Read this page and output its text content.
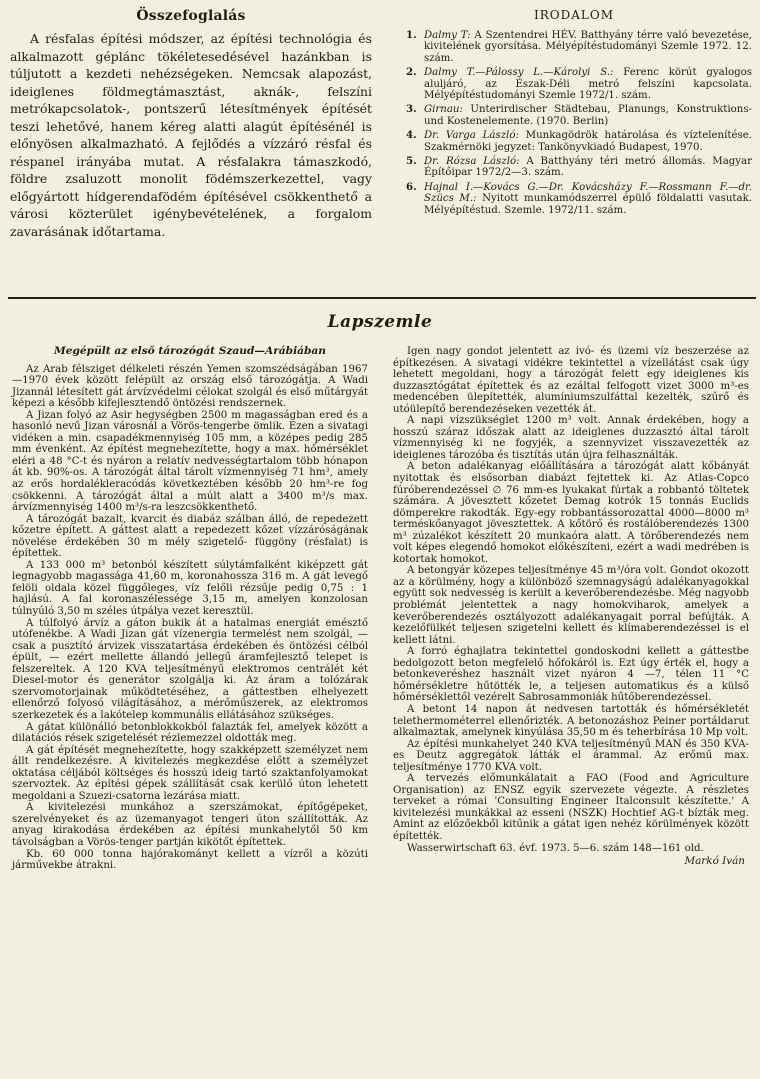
Összefoglalás

A résfalas építési módszer, az építési technológia és alkalmazott géplánc tökéletesedésével hazánkban is túljutott a kezdeti nehézségeken. Nemcsak alapozást, ideiglenes földmegtámasztást, aknák-, felszíni metrókapcsolatok-, pontszerű létesítmények építését teszi lehetővé, hanem kéreg alatti alagút építésénél is előnyösen alkalmazható. A fejlődés a vízzáró résfal és réspanel irányába mutat. A résfalakra támaszkodó, földre zsaluzott monolit födémszerkezettel, vagy előgyártott hídgerendafödém építésével csökkenthető a városi közterület igénybevételének, a forgalom zavarásának időtartama.

IRODALOM
1. Dalmy T: A Szentendrei HÉV. Batthyány térre való bevezetése, kivitelének gyorsítása. Mélyépítéstudományi Szemle 1972. 12. szám.
2. Dalmy T.—Pálossy L.—Károlyi S.: Ferenc körút gyalogos aluljáró, az Észak-Déli metró felszíni kapcsolata. Mélyépítéstudományi Szemle 1972/1. szám.
3. Girnau: Unterirdischer Städtebau, Planungs, Konstruktions- und Kostenelemente. (1970. Berlin)
4. Dr. Varga László: Munkagödrök határolása és víztelenítése. Szakmérnöki jegyzet: Tankönyvkiadó Budapest, 1970.
5. Dr. Rózsa László: A Batthyány téri metró állomás. Magyar Építőipar 1972/2—3. szám.
6. Hajnal I.—Kovács G.—Dr. Kovácsházy F.—Rossmann F.—dr. Szücs M.: Nyitott munkamódszerrel épülő földalatti vasutak. Mélyépítéstud. Szemle. 1972/11. szám.
Lapszemle
Megépült az első tározógát Szaud—Arábiában

Az Arab félsziget délkeleti részén Yemen szomszédságában 1967—1970 évek között felépült az ország első tározógátja. A Wadi Jizannál létesített gát árvízvédelmi célokat szolgál és első műtárgyát képezi a később kifejlesztendő öntözési rendszernek.

A Jizan folyó az Asir hegységben 2500 m magasságban ered és a hasonló nevű Jizan városnál a Vörös-tengerbe ömlik. Ezen a sivatagi vidéken a min. csapadékmennyiség 105 mm, a középes pedig 285 mm évenként. Az építést megnehezítette, hogy a max. hőmérséklet eléri a 48 °C-t és nyáron a relatív nedvességtartalom több hónapon át kb. 90%-os. A tározógát által tárolt vízmennyiség 71 hm³, amely az erős hordalékleracódás következtében később 20 hm³-re fog csökkenni. A tározógát által a múlt alatt a 3400 m³/s max. árvízmennyiség 1400 m³/s-ra leszcsökkenthető.

A tározógát bazalt, kvarcit és diabáz szálban álló, de repedezett kőzetre épített. A gáttest alatt a repedezett kőzet vízzáróságának növelése érdekében 30 m mély szigetelő- függöny (résfalat) is építettek.

A 133 000 m³ betonból készített súlytámfalként kiképzett gát legnagyobb magassága 41,60 m, koronahossza 316 m. A gát levegő felöli oldala közel függőleges, víz felőli rézsűje pedig 0,75 : 1 hajlású. A fal koronaszélessége 3,15 m, amelyen konzolosan túlnyúló 3,50 m széles útpálya vezet keresztül.

A túlfolyó árvíz a gáton bukik át a hatalmas energiát emésztő utófenékbe. A Wadi Jizan gát vízenergia termelést nem szolgál, — csak a pusztító árvizek visszatartása érdekében és öntözési célból épült, — ezért mellette állandó jellegű áramfejlesztő telepet is felszereltek. A 120 KVA teljesítményű elektromos centrálét két Diesel-motor és generátor szolgálja ki. Az áram a tolózárak szervomotorjainak működtetéséhez, a gáttestben elhelyezett ellenőrző folyosó világításához, a mérőműszerek, az elektromos szerkezetek és a lakótelep kommunális ellátásához szükséges.

A gátat különálló betonblokkokból falazták fel, amelyek között a dilatációs rések szigetelését rézlemezzel oldották meg.

A gát építését megnehezítette, hogy szakképzett személyzet nem állt rendelkezésre. A kivitelezés megkezdése előtt a személyzet oktatása céljából költséges és hosszú ideig tartó szaktanfolyamokat szervoztek. Az építési gépek szállítását csak kerülő úton lehetett megoldani a Szuezi-csatorna lezárása miatt.

A kivitelezési munkához a szerszámokat, építőgépeket, szerelvényeket és az üzemanyagot tengeri úton szállították. Az anyag kirakodása érdekében az építési munkahelytől 50 km távolságban a Vörös-tenger partján kikötőt építettek.

Kb. 60 000 tonna hajórakományt kellett a vízről a közúti járművekbe átrakni.

Igen nagy gondot jelentett az ivó- és üzemi víz beszerzése az építkezésen. A sivatagi vidékre tekintettel a vízellátást csak úgy lehetett megoldani, hogy a tározógát felett egy ideiglenes kis duzzasztógátat építettek és az ezáltal felfogott vizet 3000 m³-es medencében ülepítették, alumíniumszulfáttal kezelték, szűrő és utóülepítő berendezéseken vezették át.

A napi vízszükséglet 1200 m³ volt. Annak érdekében, hogy a hosszú száraz időszak alatt az ideiglenes duzzasztó által tárolt vízmennyiség ki ne fogyjék, a szennyvizet visszavezették az ideiglenes tározóba és tisztítás után újra felhasználták.

A beton adalékanyag előállítására a tározógát alatt kőbányát nyitottak és elsősorban diabázt fejtettek ki. Az Atlas-Copco fúróberendezéssel ∅ 76 mm-es lyukakat fúrtak a robbantó töltetek számára. A jövesztett kőzetet Demag kotrók 15 tonnás Euclids dömperekre rakodták. Egy-egy robbantássorozattal 4000—8000 m³ terméskőanyagot jövesztettek. A kőtörő és rostálóberendezés 1300 m³ zúzalékot készített 20 munkaóra alatt. A törőberendezés nem volt képes elegendő homokot előkészíteni, ezért a wadi medrében is kotortak homokot.

A betongyár közepes teljesítménye 45 m³/óra volt. Gondot okozott az a körülmény, hogy a különböző szemnagyságú adalékanyagokkal együtt sok nedvesség is került a keverőberendezésbe. Még nagyobb problémát jelentettek a nagy homokviharok, amelyek a keverőberendezés osztályozott adalékanyagait porral befújták. A kezelőfülkét teljesen szigetelni kellett és klímaberendezéssel is el kellett látni.

A forró éghajlatra tekintettel gondoskodni kellett a gáttestbe bedolgozott beton megfelelő hőfokáról is. Ezt úgy érték el, hogy a betonkeveréshez használt vizet nyáron 4 —7, télen 11 °C hőmérsékletre hűtötték le, a teljesen automatikus és a külső hőmérséklettől vezérelt Sabrosammoniák hűtőberendezéssel.

A betont 14 napon át nedvesen tartották és hőmérsékletét telethermométerrel ellenőrizték. A betonozáshoz Peiner portáldarut alkalmaztak, amelynek kinyúlása 35,50 m és teherbírása 10 Mp volt.

Az építési munkahelyet 240 KVA teljesítményű MAN és 350 KVA-es Deutz aggregátok látták el árammal. Az erőmű max. teljesítménye 1770 KVA volt.

A tervezés előmunkálatait a FAO (Food and Agriculture Organisation) az ENSZ egyik szervezete végezte. A részletes terveket a római 'Consulting Engineer Italconsult készítette.' A kivitelezési munkákkal az esseni (NSZK) Hochtief AG-t bízták meg. Amint az előzőekből kitűnik a gátat igen nehéz körülmények között építették.

Wasserwirtschaft 63. évf. 1973. 5—6. szám 148—161 old.

Markó Iván
